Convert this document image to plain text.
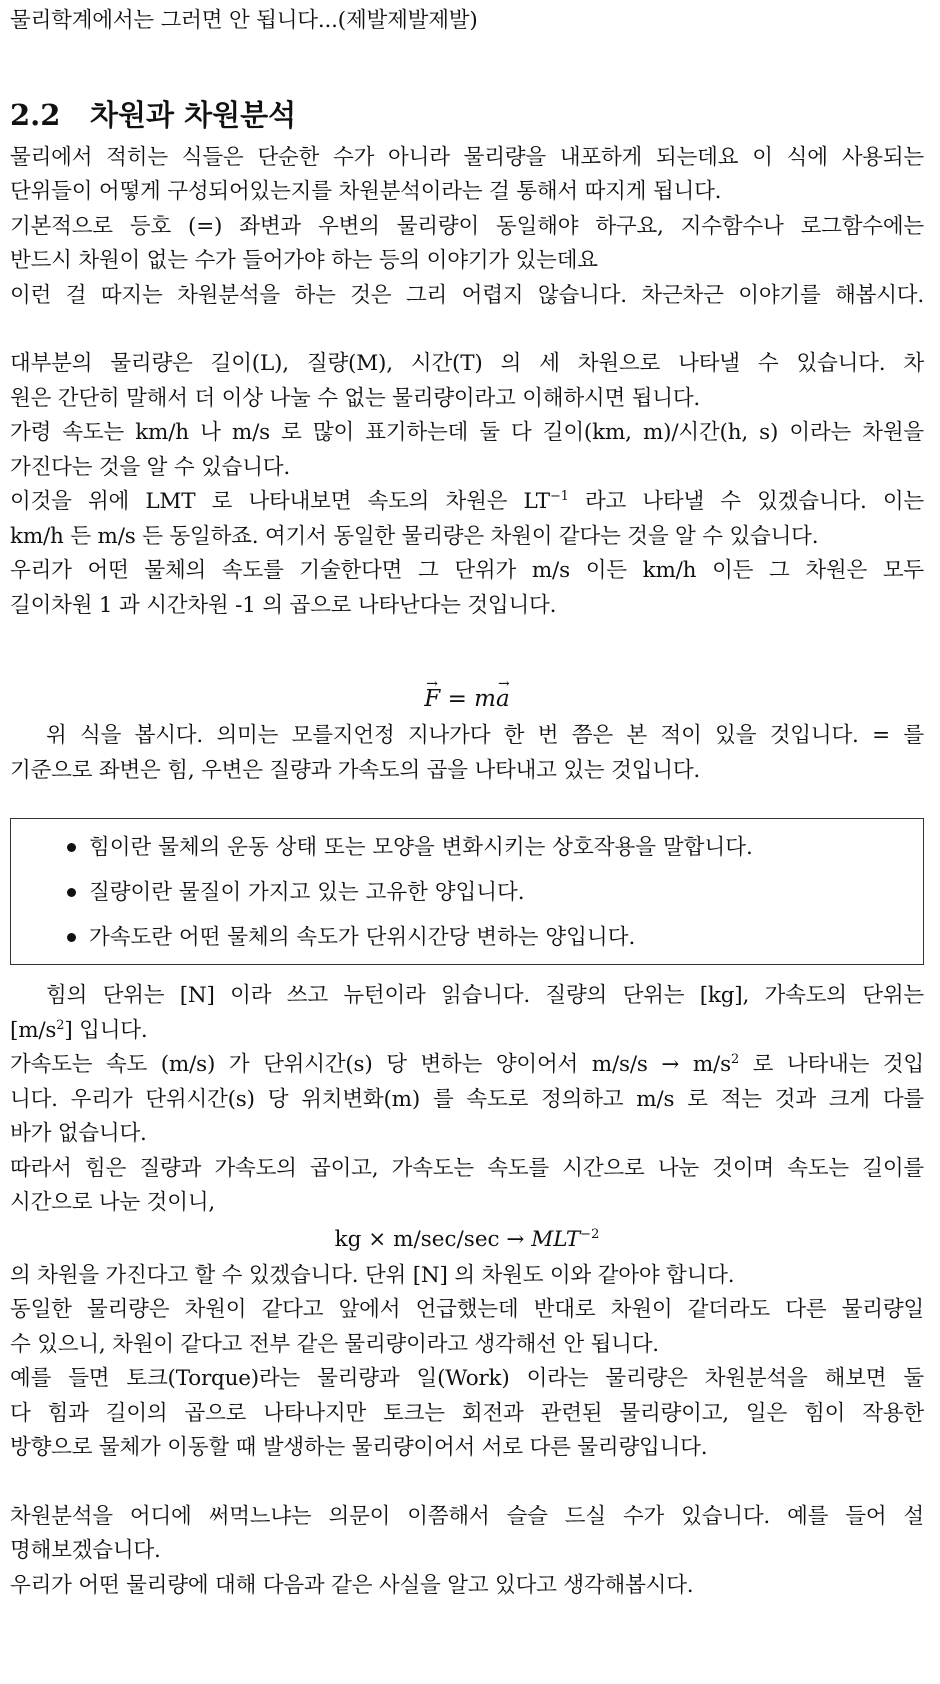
물리학계에서는 그러면 안 됩니다...(제발제발제발)
2.2 차원과 차원분석
물리에서 적히는 식들은 단순한 수가 아니라 물리량을 내포하게 되는데요 이 식에 사용되는
단위들이 어떻게 구성되어있는지를 차원분석이라는 걸 통해서 따지게 됩니다.
기본적으로 등호 (=) 좌변과 우변의 물리량이 동일해야 하구요, 지수함수나 로그함수에는
반드시 차원이 없는 수가 들어가야 하는 등의 이야기가 있는데요
이런 걸 따지는 차원분석을 하는 것은 그리 어렵지 않습니다. 차근차근 이야기를 해봅시다.
대부분의 물리량은 길이(L), 질량(M), 시간(T) 의 세 차원으로 나타낼 수 있습니다. 차
원은 간단히 말해서 더 이상 나눌 수 없는 물리량이라고 이해하시면 됩니다.
가령 속도는 km/h 나 m/s 로 많이 표기하는데 둘 다 길이(km, m)/시간(h, s) 이라는 차원을
가진다는 것을 알 수 있습니다.
이것을 위에 LMT 로 나타내보면 속도의 차원은 $LT^{-1}$ 라고 나타낼 수 있겠습니다. 이는
km/h 든 m/s 든 동일하죠. 여기서 동일한 물리량은 차원이 같다는 것을 알 수 있습니다.
우리가 어떤 물체의 속도를 기술한다면 그 단위가 m/s 이든 km/h 이든 그 차원은 모두
길이차원 1 과 시간차원 -1 의 곱으로 나타난다는 것입니다.
→ F = m→ a
위 식을 봅시다. 의미는 모를지언정 지나가다 한 번 쯤은 본 적이 있을 것입니다. = 를
기준으로 좌변은 힘, 우변은 질량과 가속도의 곱을 나타내고 있는 것입니다.
힘이란 물체의 운동 상태 또는 모양을 변화시키는 상호작용을 말합니다.
질량이란 물질이 가지고 있는 고유한 양입니다.
가속도란 어떤 물체의 속도가 단위시간당 변하는 양입니다.
힘의 단위는 [N] 이라 쓰고 뉴턴이라 읽습니다. 질량의 단위는 [kg], 가속도의 단위는
$[m/s^2]$ 입니다.
가속도는 속도 (m/s) 가 단위시간(s) 당 변하는 양이어서 $m/s/s \to m/s^2$ 로 나타내는 것입
니다. 우리가 단위시간(s) 당 위치변화(m) 를 속도로 정의하고 m/s 로 적는 것과 크게 다를
바가 없습니다.
따라서 힘은 질량과 가속도의 곱이고, 가속도는 속도를 시간으로 나눈 것이며 속도는 길이를
시간으로 나눈 것이니,
kg × $m/\sec/\sec \to MLT^{-2}$
의 차원을 가진다고 할 수 있겠습니다. 단위 [N] 의 차원도 이와 같아야 합니다.
동일한 물리량은 차원이 같다고 앞에서 언급했는데 반대로 차원이 같더라도 다른 물리량일
수 있으니, 차원이 같다고 전부 같은 물리량이라고 생각해선 안 됩니다.
예를 들면 토크(Torque)라는 물리량과 일(Work) 이라는 물리량은 차원분석을 해보면 둘
다 힘과 길이의 곱으로 나타나지만 토크는 회전과 관련된 물리량이고, 일은 힘이 작용한
방향으로 물체가 이동할 때 발생하는 물리량이어서 서로 다른 물리량입니다.
차원분석을 어디에 써먹느냐는 의문이 이쯤해서 슬슬 드실 수가 있습니다. 예를 들어 설
명해보겠습니다.
우리가 어떤 물리량에 대해 다음과 같은 사실을 알고 있다고 생각해봅시다.
